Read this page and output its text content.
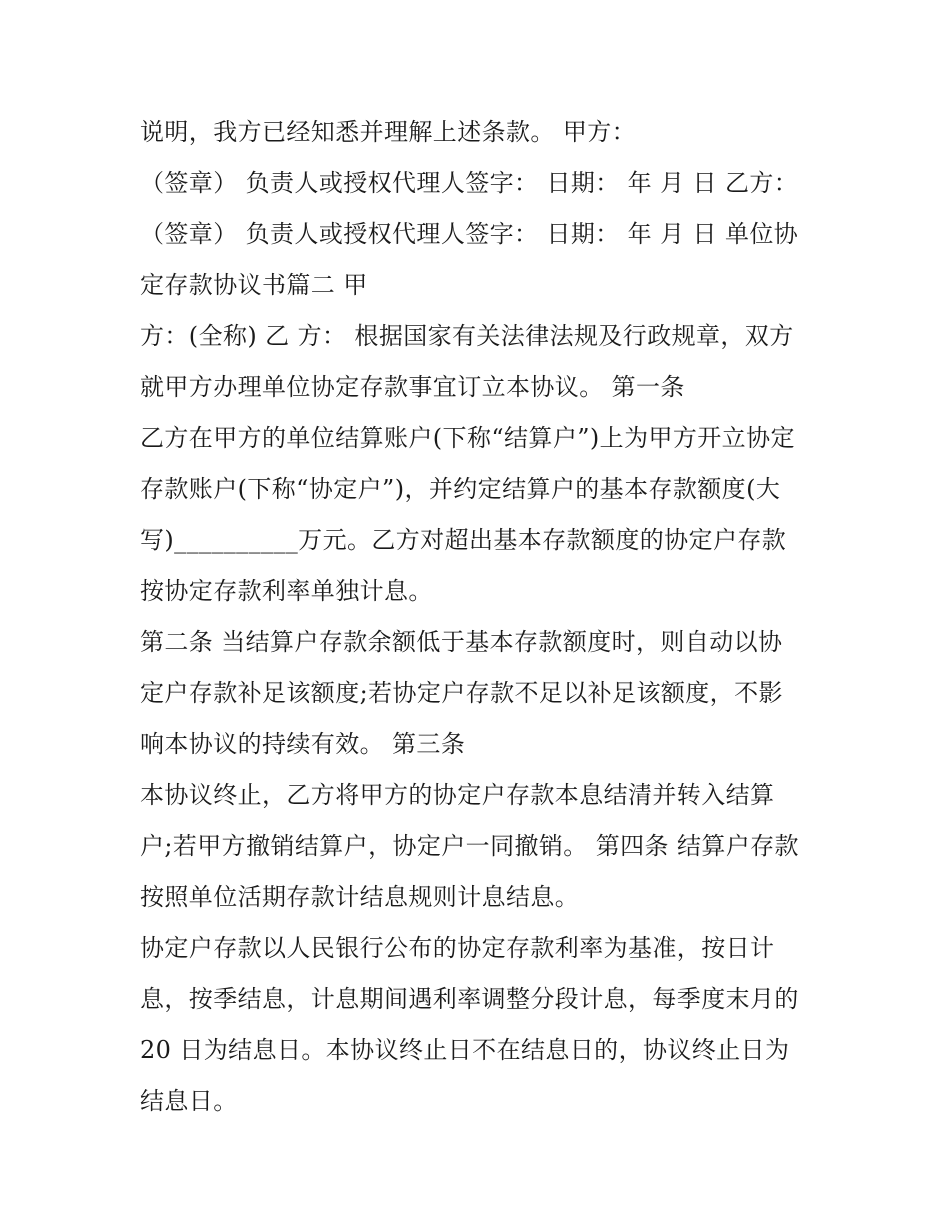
说明，我方已经知悉并理解上述条款。 甲方：
（签章） 负责人或授权代理人签字： 日期： 年 月 日 乙方：
（签章） 负责人或授权代理人签字： 日期： 年 月 日 单位协
定存款协议书篇二 甲
方：(全称) 乙 方： 根据国家有关法律法规及行政规章，双方
就甲方办理单位协定存款事宜订立本协议。 第一条
乙方在甲方的单位结算账户(下称“结算户”)上为甲方开立协定
存款账户(下称“协定户”)，并约定结算户的基本存款额度(大
写)__________万元。乙方对超出基本存款额度的协定户存款
按协定存款利率单独计息。
第二条 当结算户存款余额低于基本存款额度时，则自动以协
定户存款补足该额度;若协定户存款不足以补足该额度，不影
响本协议的持续有效。 第三条
本协议终止，乙方将甲方的协定户存款本息结清并转入结算
户;若甲方撤销结算户，协定户一同撤销。 第四条 结算户存款
按照单位活期存款计结息规则计息结息。
协定户存款以人民银行公布的协定存款利率为基准，按日计
息，按季结息，计息期间遇利率调整分段计息，每季度末月的
20 日为结息日。本协议终止日不在结息日的，协议终止日为
结息日。
